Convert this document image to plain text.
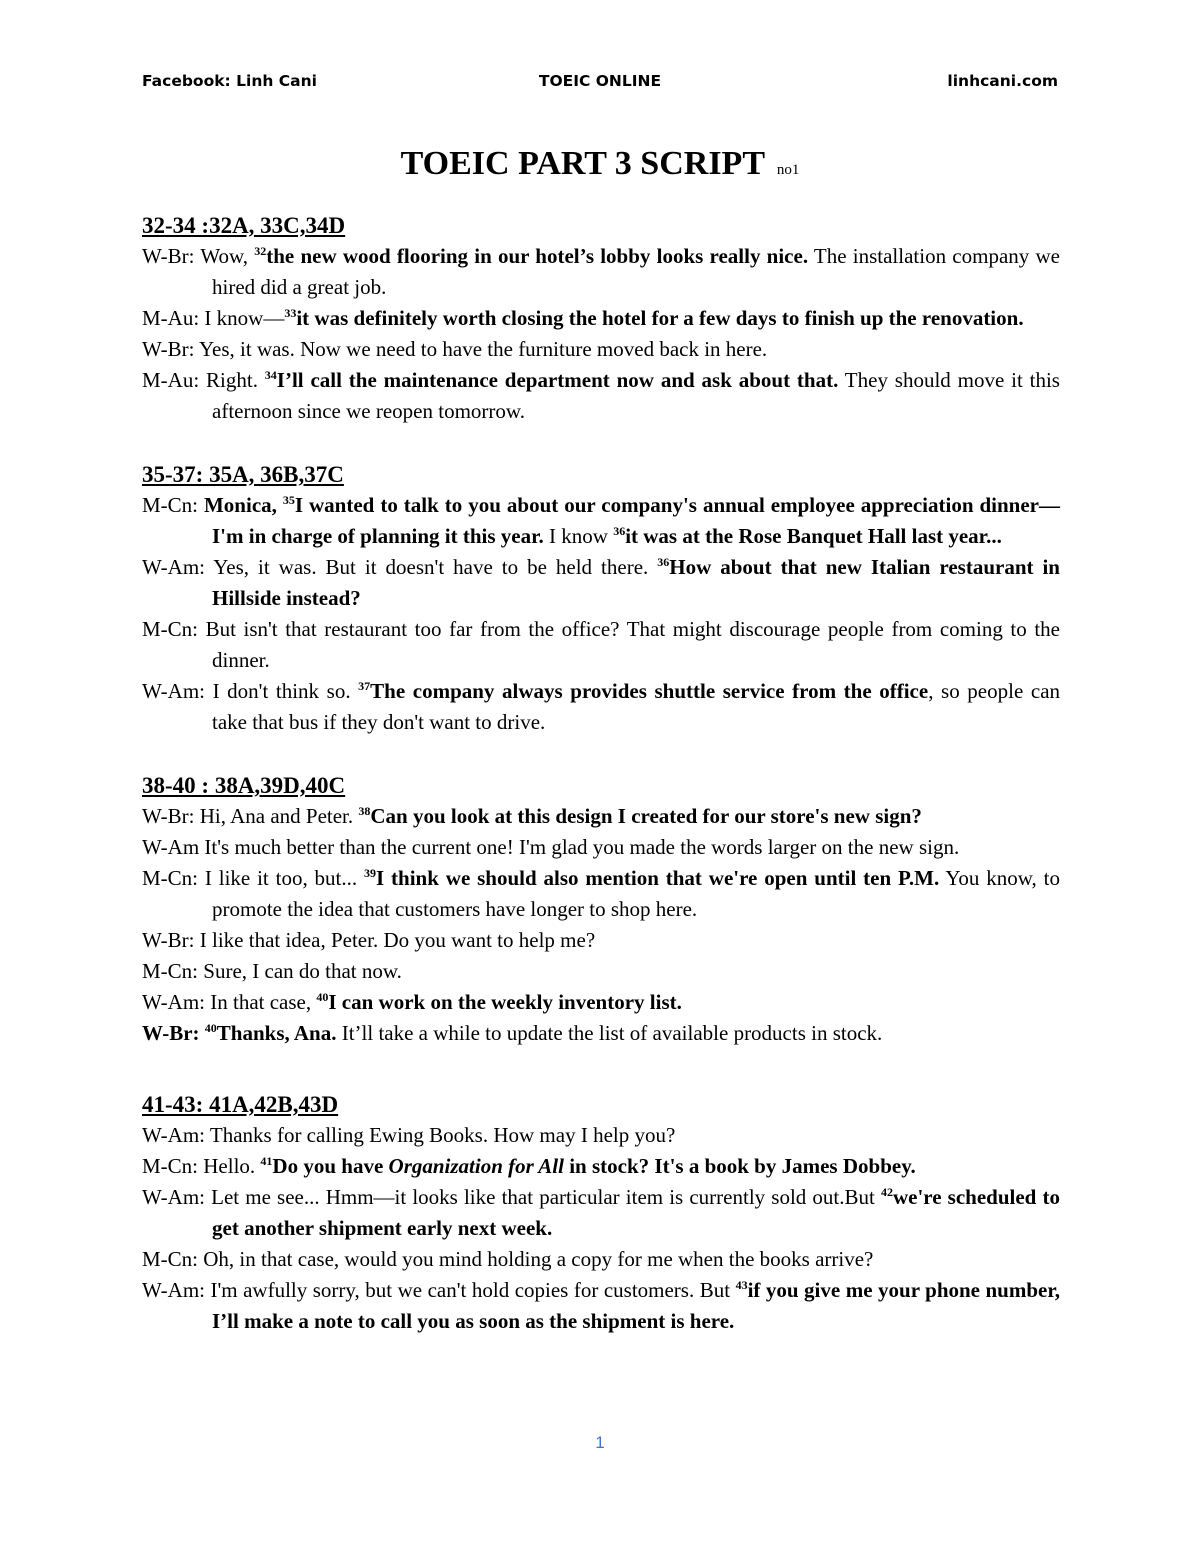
Facebook: Linh Cani	TOEIC ONLINE	linhcani.com
TOEIC PART 3 SCRIPT no1
32-34 :32A, 33C,34D
W-Br: Wow, $^{32}$the new wood flooring in our hotel’s lobby looks really nice. The installation company we hired did a great job.
M-Au: I know—$^{33}$it was definitely worth closing the hotel for a few days to finish up the renovation.
W-Br: Yes, it was. Now we need to have the furniture moved back in here.
M-Au: Right. $^{34}$I’ll call the maintenance department now and ask about that. They should move it this afternoon since we reopen tomorrow.
35-37: 35A, 36B,37C
M-Cn: Monica, $^{35}$I wanted to talk to you about our company's annual employee appreciation dinner—I'm in charge of planning it this year. I know $^{36}$it was at the Rose Banquet Hall last year...
W-Am: Yes, it was. But it doesn't have to be held there. $^{36}$How about that new Italian restaurant in Hillside instead?
M-Cn: But isn't that restaurant too far from the office? That might discourage people from coming to the dinner.
W-Am: I don't think so. $^{37}$The company always provides shuttle service from the office, so people can take that bus if they don't want to drive.
38-40 : 38A,39D,40C
W-Br: Hi, Ana and Peter. $^{38}$Can you look at this design I created for our store's new sign?
W-Am It's much better than the current one! I'm glad you made the words larger on the new sign.
M-Cn: I like it too, but... $^{39}$I think we should also mention that we're open until ten P.M. You know, to promote the idea that customers have longer to shop here.
W-Br: I like that idea, Peter. Do you want to help me?
M-Cn: Sure, I can do that now.
W-Am: In that case, $^{40}$I can work on the weekly inventory list.
W-Br: $^{40}$Thanks, Ana. It’ll take a while to update the list of available products in stock.
41-43: 41A,42B,43D
W-Am: Thanks for calling Ewing Books. How may I help you?
M-Cn: Hello. $^{41}$Do you have Organization for All in stock? It's a book by James Dobbey.
W-Am: Let me see... Hmm—it looks like that particular item is currently sold out.But $^{42}$we're scheduled to get another shipment early next week.
M-Cn: Oh, in that case, would you mind holding a copy for me when the books arrive?
W-Am: I'm awfully sorry, but we can't hold copies for customers. But $^{43}$if you give me your phone number, I’ll make a note to call you as soon as the shipment is here.
1
